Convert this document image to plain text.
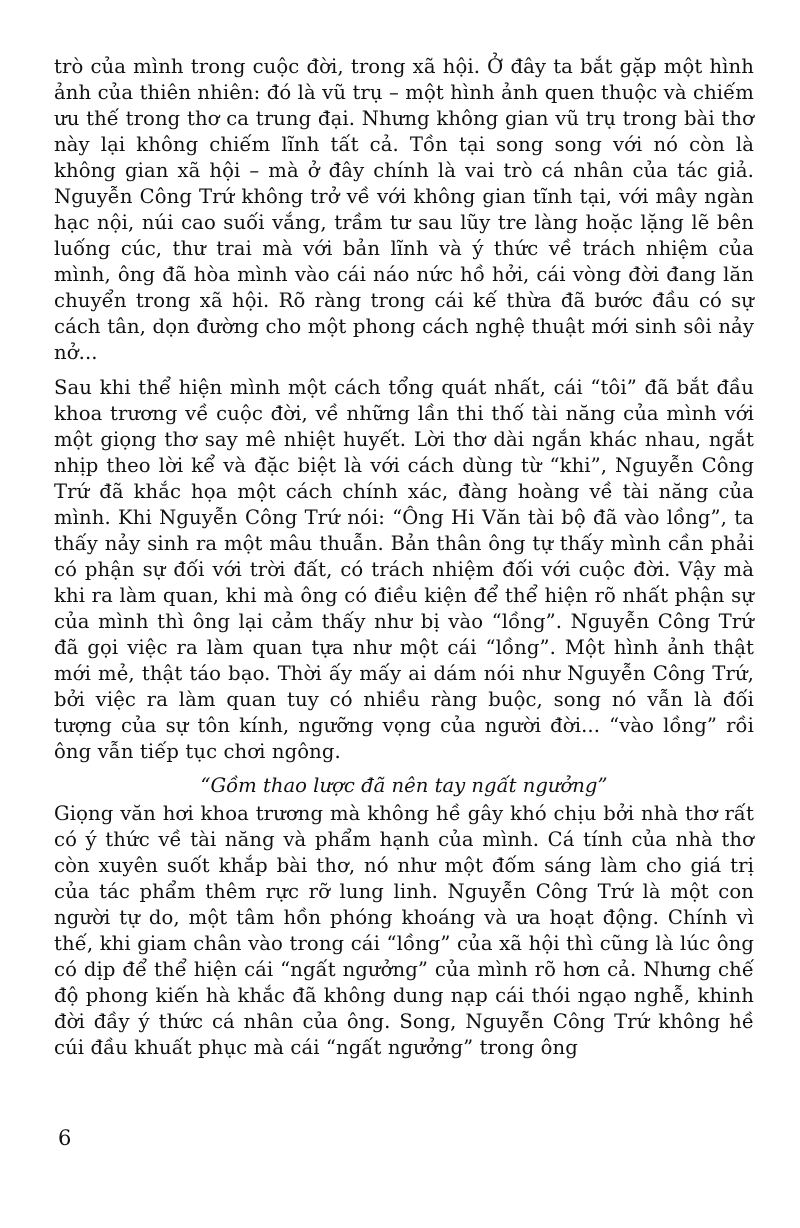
trò của mình trong cuộc đời, trong xã hội. Ở đây ta bắt gặp một hình ảnh của thiên nhiên: đó là vũ trụ – một hình ảnh quen thuộc và chiếm ưu thế trong thơ ca trung đại. Nhưng không gian vũ trụ trong bài thơ này lại không chiếm lĩnh tất cả. Tồn tại song song với nó còn là không gian xã hội – mà ở đây chính là vai trò cá nhân của tác giả. Nguyễn Công Trứ không trở về với không gian tĩnh tại, với mây ngàn hạc nội, núi cao suối vắng, trầm tư sau lũy tre làng hoặc lặng lẽ bên luống cúc, thư trai mà với bản lĩnh và ý thức về trách nhiệm của mình, ông đã hòa mình vào cái náo nức hồ hởi, cái vòng đời đang lăn chuyển trong xã hội. Rõ ràng trong cái kế thừa đã bước đầu có sự cách tân, dọn đường cho một phong cách nghệ thuật mới sinh sôi nảy nở...

Sau khi thể hiện mình một cách tổng quát nhất, cái “tôi” đã bắt đầu khoa trương về cuộc đời, về những lần thi thố tài năng của mình với một giọng thơ say mê nhiệt huyết. Lời thơ dài ngắn khác nhau, ngắt nhịp theo lời kể và đặc biệt là với cách dùng từ “khi”, Nguyễn Công Trứ đã khắc họa một cách chính xác, đàng hoàng về tài năng của mình. Khi Nguyễn Công Trứ nói: “Ông Hi Văn tài bộ đã vào lồng”, ta thấy nảy sinh ra một mâu thuẫn. Bản thân ông tự thấy mình cần phải có phận sự đối với trời đất, có trách nhiệm đối với cuộc đời. Vậy mà khi ra làm quan, khi mà ông có điều kiện để thể hiện rõ nhất phận sự của mình thì ông lại cảm thấy như bị vào “lồng”. Nguyễn Công Trứ đã gọi việc ra làm quan tựa như một cái “lồng”. Một hình ảnh thật mới mẻ, thật táo bạo. Thời ấy mấy ai dám nói như Nguyễn Công Trứ, bởi việc ra làm quan tuy có nhiều ràng buộc, song nó vẫn là đối tượng của sự tôn kính, ngưỡng vọng của người đời... “vào lồng” rồi ông vẫn tiếp tục chơi ngông.

“Gồm thao lược đã nên tay ngất ngưởng”

Giọng văn hơi khoa trương mà không hề gây khó chịu bởi nhà thơ rất có ý thức về tài năng và phẩm hạnh của mình. Cá tính của nhà thơ còn xuyên suốt khắp bài thơ, nó như một đốm sáng làm cho giá trị của tác phẩm thêm rực rỡ lung linh. Nguyễn Công Trứ là một con người tự do, một tâm hồn phóng khoáng và ưa hoạt động. Chính vì thế, khi giam chân vào trong cái “lồng” của xã hội thì cũng là lúc ông có dịp để thể hiện cái “ngất ngưởng” của mình rõ hơn cả. Nhưng chế độ phong kiến hà khắc đã không dung nạp cái thói ngạo nghễ, khinh đời đầy ý thức cá nhân của ông. Song, Nguyễn Công Trứ không hề cúi đầu khuất phục mà cái “ngất ngưởng” trong ông

6
